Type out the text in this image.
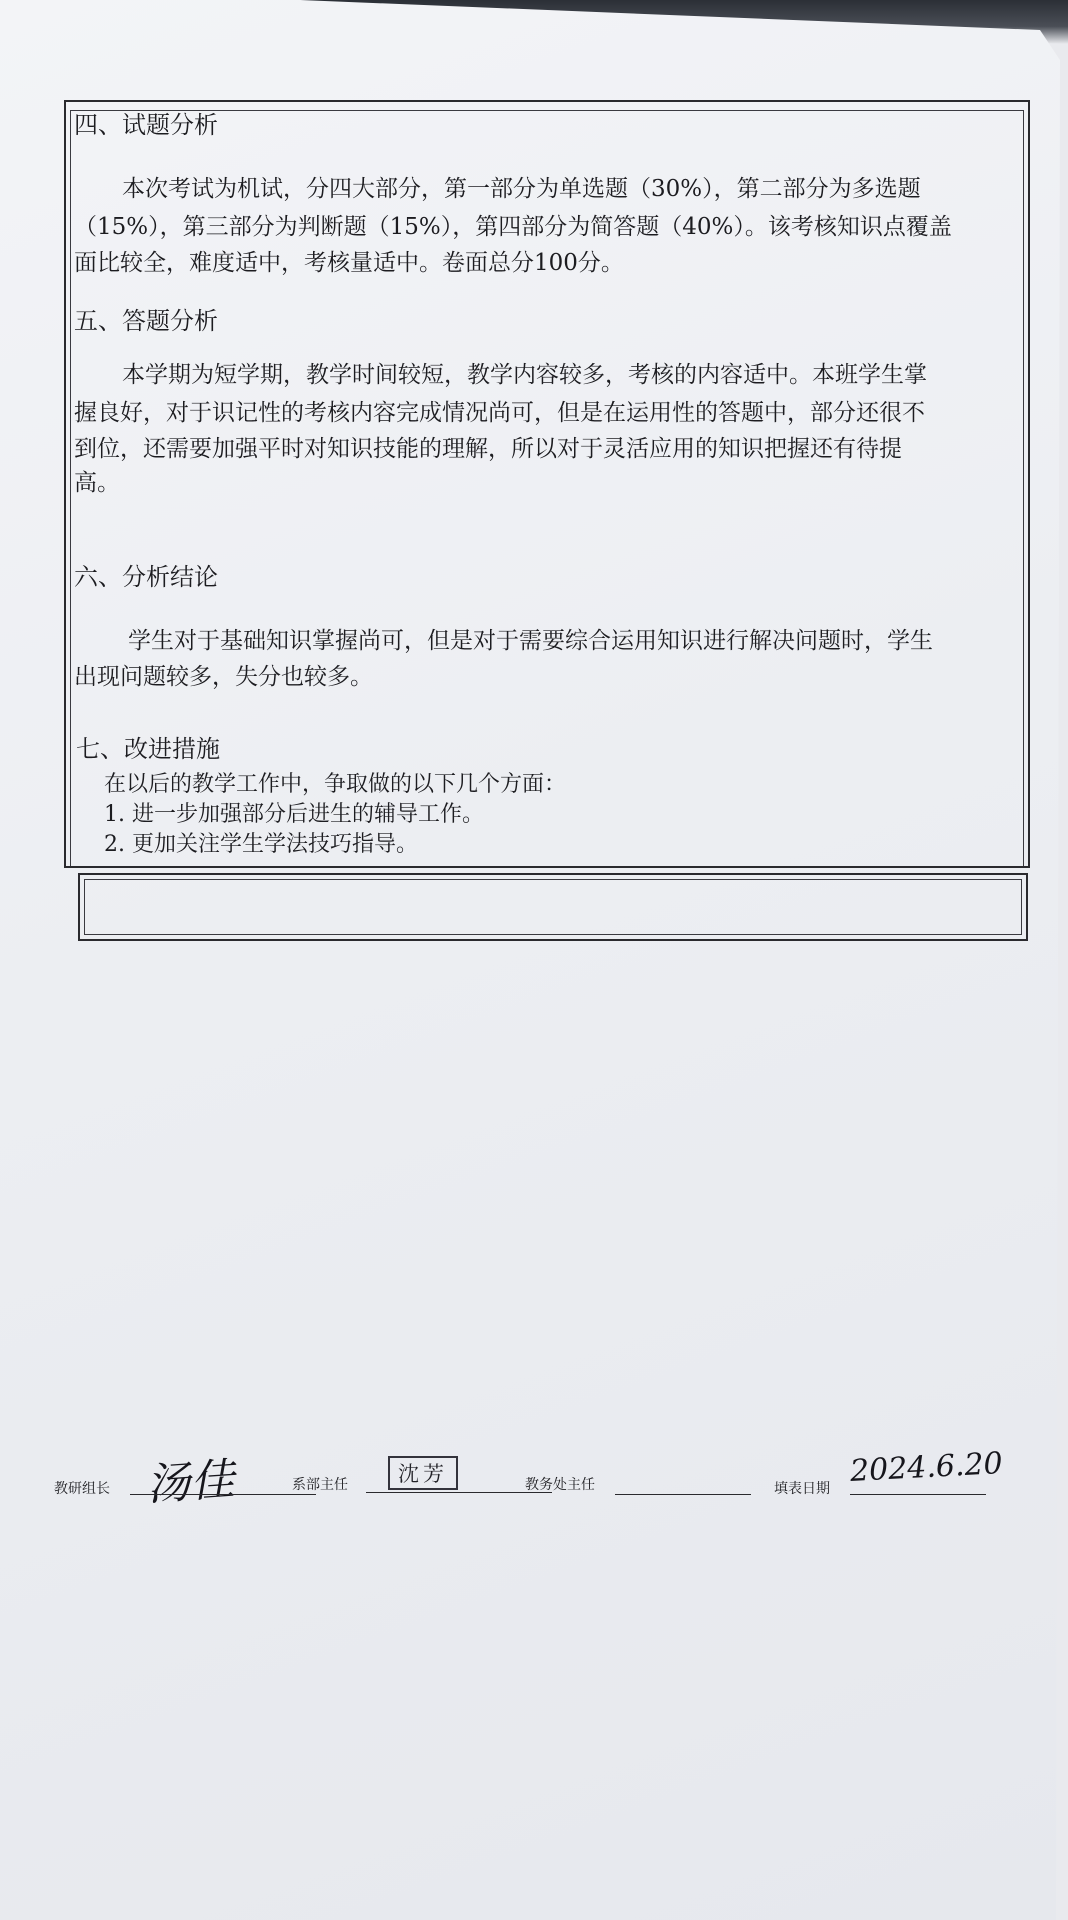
四、试题分析
本次考试为机试，分四大部分，第一部分为单选题（30%），第二部分为多选题
（15%），第三部分为判断题（15%），第四部分为简答题（40%）。该考核知识点覆盖
面比较全，难度适中，考核量适中。卷面总分100分。
五、答题分析
本学期为短学期，教学时间较短，教学内容较多，考核的内容适中。本班学生掌
握良好，对于识记性的考核内容完成情况尚可，但是在运用性的答题中，部分还很不
到位，还需要加强平时对知识技能的理解，所以对于灵活应用的知识把握还有待提
高。
六、分析结论
学生对于基础知识掌握尚可，但是对于需要综合运用知识进行解决问题时，学生
出现问题较多，失分也较多。
七、改进措施
在以后的教学工作中，争取做的以下几个方面：
1. 进一步加强部分后进生的辅导工作。
2. 更加关注学生学法技巧指导。
教研组长 汤佳	系部主任	沈芳	教务处主任	填表日期
2024.6.20
